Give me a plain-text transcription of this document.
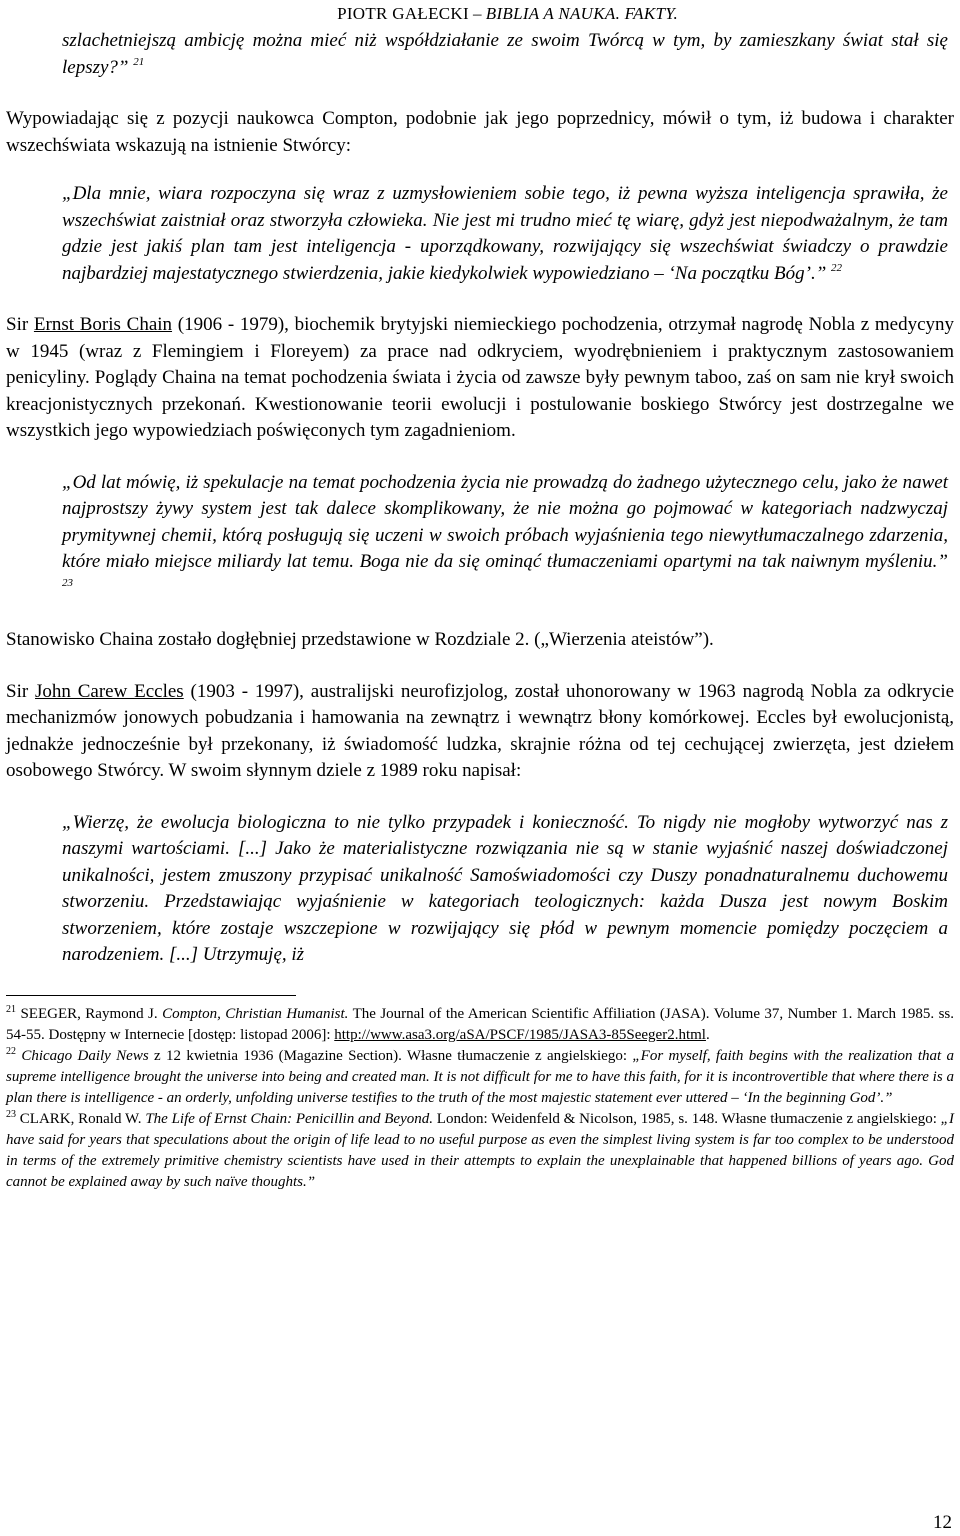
PIOTR GAŁECKI – BIBLIA A NAUKA. FAKTY.

szlachetniejszą ambicję można mieć niż współdziałanie ze swoim Twórcą w tym, by zamieszkany świat stał się lepszy?” $^{21}$

Wypowiadając się z pozycji naukowca Compton, podobnie jak jego poprzednicy, mówił o tym, iż budowa i charakter wszechświata wskazują na istnienie Stwórcy:

„Dla mnie, wiara rozpoczyna się wraz z uzmysłowieniem sobie tego, iż pewna wyższa inteligencja sprawiła, że wszechświat zaistniał oraz stworzyła człowieka. Nie jest mi trudno mieć tę wiarę, gdyż jest niepodważalnym, że tam gdzie jest jakiś plan tam jest inteligencja - uporządkowany, rozwijający się wszechświat świadczy o prawdzie najbardziej majestatycznego stwierdzenia, jakie kiedykolwiek wypowiedziano – ‘Na początku Bóg’.” $^{22}$

Sir Ernst Boris Chain (1906 - 1979), biochemik brytyjski niemieckiego pochodzenia, otrzymał nagrodę Nobla z medycyny w 1945 (wraz z Flemingiem i Floreyem) za prace nad odkryciem, wyodrębnieniem i praktycznym zastosowaniem penicyliny. Poglądy Chaina na temat pochodzenia świata i życia od zawsze były pewnym taboo, zaś on sam nie krył swoich kreacjonistycznych przekonań. Kwestionowanie teorii ewolucji i postulowanie boskiego Stwórcy jest dostrzegalne we wszystkich jego wypowiedziach poświęconych tym zagadnieniom.

„Od lat mówię, iż spekulacje na temat pochodzenia życia nie prowadzą do żadnego użytecznego celu, jako że nawet najprostszy żywy system jest tak dalece skomplikowany, że nie można go pojmować w kategoriach nadzwyczaj prymitywnej chemii, którą posługują się uczeni w swoich próbach wyjaśnienia tego niewytłumaczalnego zdarzenia, które miało miejsce miliardy lat temu. Boga nie da się ominąć tłumaczeniami opartymi na tak naiwnym myśleniu.” $^{23}$

Stanowisko Chaina zostało dogłębniej przedstawione w Rozdziale 2. („Wierzenia ateistów”).

Sir John Carew Eccles (1903 - 1997), australijski neurofizjolog, został uhonorowany w 1963 nagrodą Nobla za odkrycie mechanizmów jonowych pobudzania i hamowania na zewnątrz i wewnątrz błony komórkowej. Eccles był ewolucjonistą, jednakże jednocześnie był przekonany, iż świadomość ludzka, skrajnie różna od tej cechującej zwierzęta, jest dziełem osobowego Stwórcy. W swoim słynnym dziele z 1989 roku napisał:

„Wierzę, że ewolucja biologiczna to nie tylko przypadek i konieczność. To nigdy nie mogłoby wytworzyć nas z naszymi wartościami. [...] Jako że materialistyczne rozwiązania nie są w stanie wyjaśnić naszej doświadczonej unikalności, jestem zmuszony przypisać unikalność Samoświadomości czy Duszy ponadnaturalnemu duchowemu stworzeniu. Przedstawiając wyjaśnienie w kategoriach teologicznych: każda Dusza jest nowym Boskim stworzeniem, które zostaje wszczepione w rozwijający się płód w pewnym momencie pomiędzy poczęciem a narodzeniem. [...] Utrzymuję, iż

$^{21}$ SEEGER, Raymond J. Compton, Christian Humanist. The Journal of the American Scientific Affiliation (JASA). Volume 37, Number 1. March 1985. ss. 54-55. Dostępny w Internecie [dostęp: listopad 2006]: http://www.asa3.org/aSA/PSCF/1985/JASA3-85Seeger2.html.

$^{22}$ Chicago Daily News z 12 kwietnia 1936 (Magazine Section). Własne tłumaczenie z angielskiego: „For myself, faith begins with the realization that a supreme intelligence brought the universe into being and created man. It is not difficult for me to have this faith, for it is incontrovertible that where there is a plan there is intelligence - an orderly, unfolding universe testifies to the truth of the most majestic statement ever uttered – ‘In the beginning God’.”

$^{23}$ CLARK, Ronald W. The Life of Ernst Chain: Penicillin and Beyond. London: Weidenfeld & Nicolson, 1985, s. 148. Własne tłumaczenie z angielskiego: „I have said for years that speculations about the origin of life lead to no useful purpose as even the simplest living system is far too complex to be understood in terms of the extremely primitive chemistry scientists have used in their attempts to explain the unexplainable that happened billions of years ago. God cannot be explained away by such naïve thoughts.”

12
